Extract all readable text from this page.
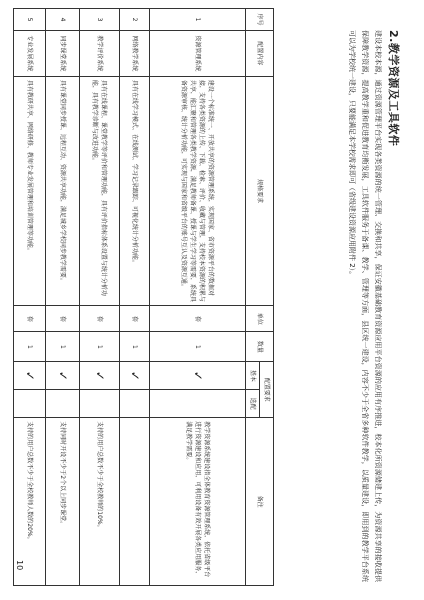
2.教学资源及工具软件

建设本校本源，通过资源管理平台实现各类资源的统一管理、交换和共享，保证安徽基础教育资源应用平台资源的应用有序推进，校本化所资源储建上传，为资源共享的接收提供保障教学资源，提高教学重和促进教育均衡发展，工具软件服务于备课、教学、管理等方面，县区统一建设，内容不少于全省多种软件教学，以质量建设，即用到的教学平台系统可以为学校统一建设，只要能满足本学校需求即可（省级建设资源应用附件 2）。

序号	配置内容	规格要求	单位	数量	配置要求		备注
					基本	选配	
1	资源管理系统	建设一个标准统一、开放共享的资源管理系统，实现国家、省市资源平台的数据对接，支持各类资源的上传、下载、检索、评价、收藏与管理，支持校本资源的积累与共享，能汇聚和管理各类教学资源，满足教师备课、授课与学生学习等需要，系统具备资源审核、统计分析功能，可实现与国家和省级平台的账号互认及资源互通。	套	1	✓		教学资源系统建设指全体教育资源管理系统，依托省级平台进行资源建设和应用，可利用设备有效开展各类应用服务，满足教学需要。
2	网络教学系统	具有在线学习模式、在线测试、学习记录跟踪、可视化统计分析功能。	套	1	✓		
3	教学评价系统	具有在线课程、课堂教学等评价和管理功能，具有评价指标体系设置与统计分析功能，具有教学诊断与改进功能。	套	1	✓		支持的用户总数不少于全校教师的10%。
4	同步课堂系统	具有课堂同步授课、远程互动、资源共享功能，满足城乡学校同步教学需要。	套	1	✓		支持同时开设不少于2个以上同步课堂。
5	专业发展系统	具有教研共享、网络研修、教师专业发展管理和培训管理等功能。	套	1	✓		支持的用户总数不少于全校教师人数的20%。
10
